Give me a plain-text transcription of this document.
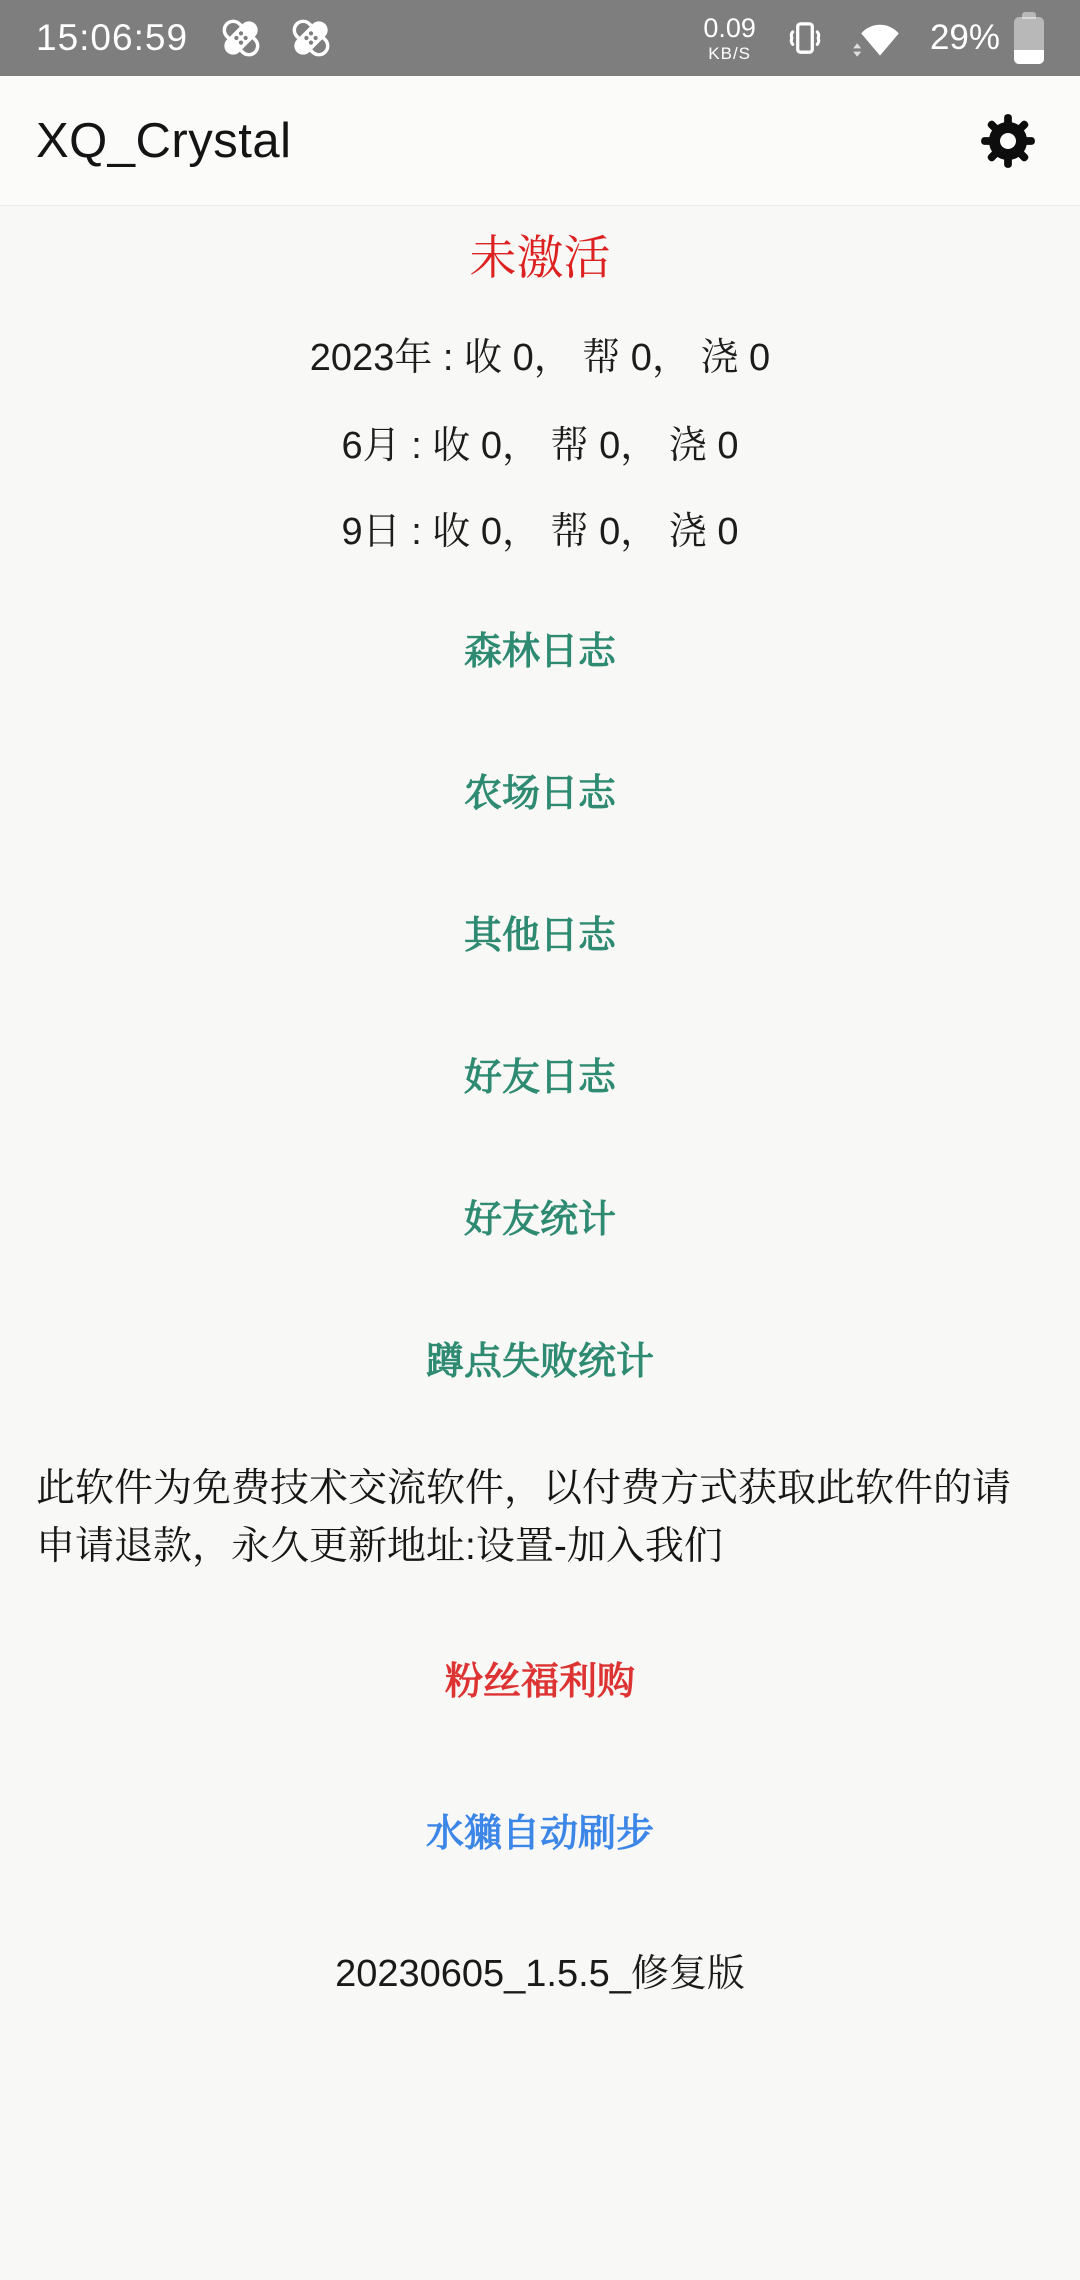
15:06:59	0.09
KB/S	29%
XQ_Crystal
未激活
2023年 : 收 0， 帮 0， 浇 0
6月 : 收 0， 帮 0， 浇 0
9日 : 收 0， 帮 0， 浇 0
森林日志
农场日志
其他日志
好友日志
好友统计
蹲点失败统计
此软件为免费技术交流软件，以付费方式获取此软件的请申请退款，永久更新地址:设置-加入我们
粉丝福利购
水獺自动刷步
20230605_1.5.5_修复版
